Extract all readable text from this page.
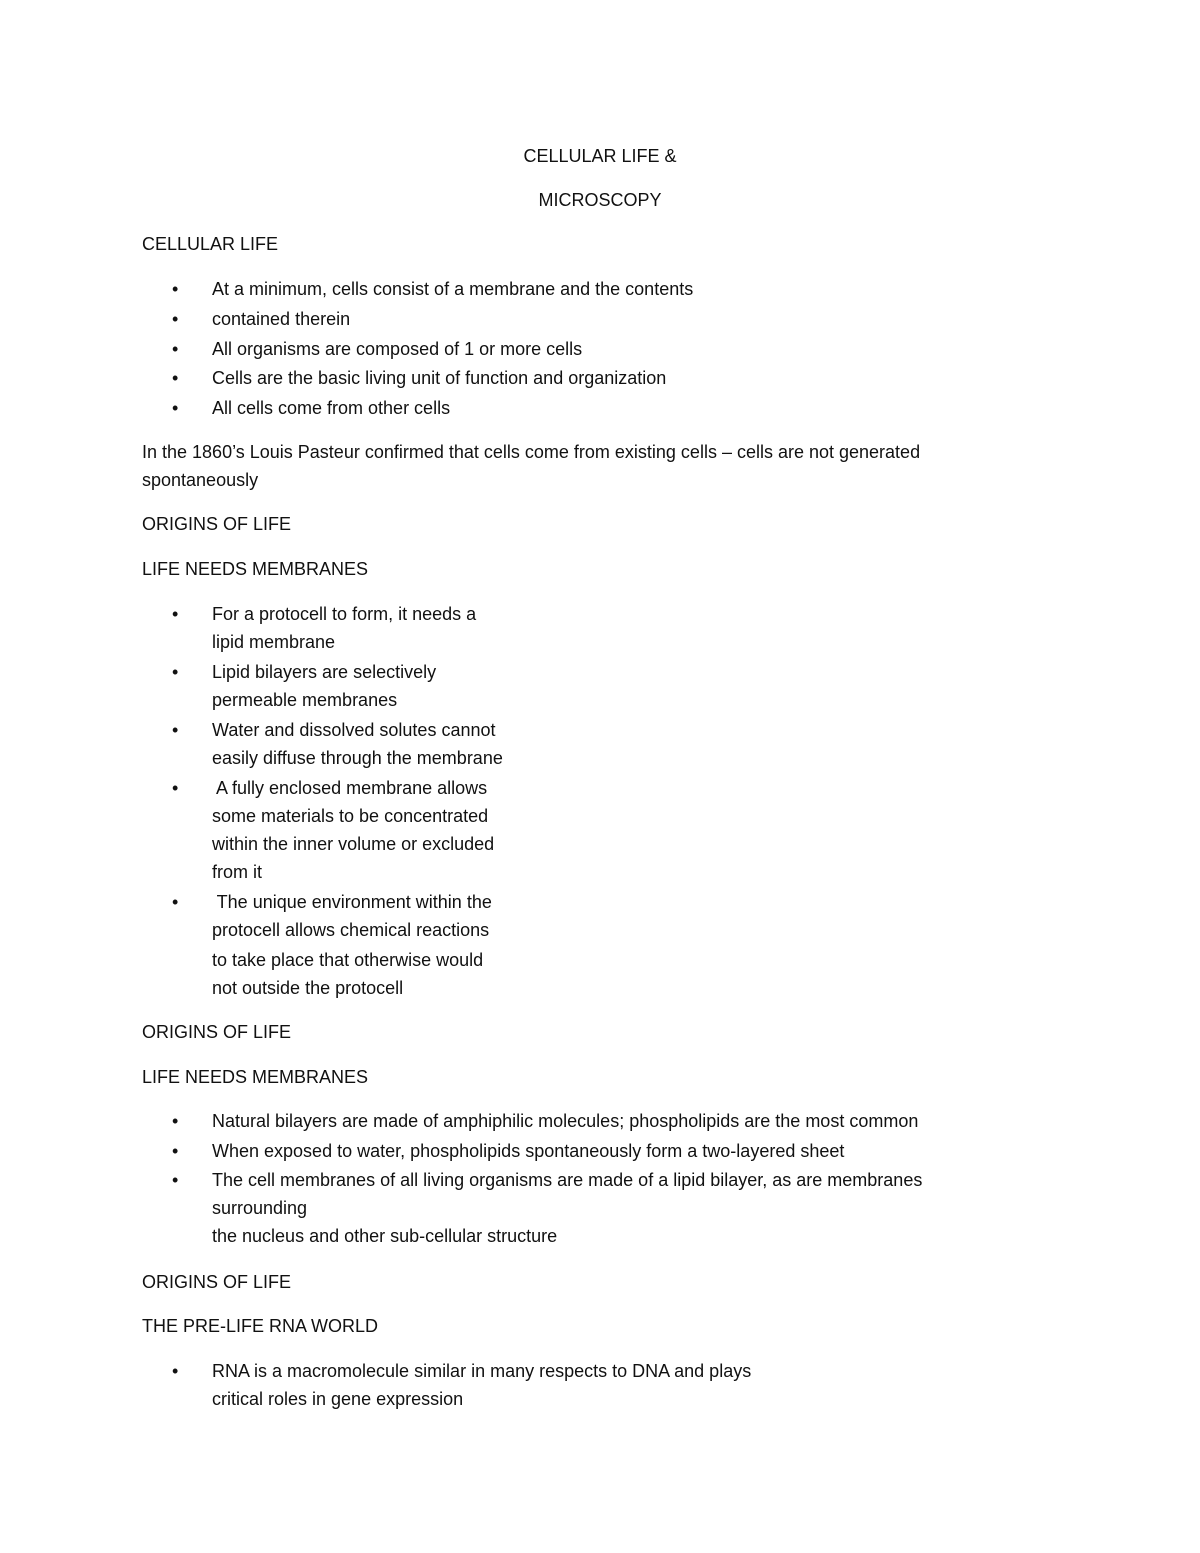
CELLULAR LIFE &
MICROSCOPY
CELLULAR LIFE
•	At a minimum, cells consist of a membrane and the contents
•	contained therein
•	All organisms are composed of 1 or more cells
•	Cells are the basic living unit of function and organization
•	All cells come from other cells
In the 1860’s Louis Pasteur confirmed that cells come from existing cells – cells are not generated
spontaneously
ORIGINS OF LIFE
LIFE NEEDS MEMBRANES
•	For a protocell to form, it needs a
lipid membrane
•	Lipid bilayers are selectively
permeable membranes
•	Water and dissolved solutes cannot
easily diffuse through the membrane
•	A fully enclosed membrane allows
some materials to be concentrated
within the inner volume or excluded
from it
•	The unique environment within the
protocell allows chemical reactions
to take place that otherwise would
not outside the protocell
ORIGINS OF LIFE
LIFE NEEDS MEMBRANES
•	Natural bilayers are made of amphiphilic molecules; phospholipids are the most common
•	When exposed to water, phospholipids spontaneously form a two-layered sheet
•	The cell membranes of all living organisms are made of a lipid bilayer, as are membranes
surrounding
the nucleus and other sub-cellular structure
ORIGINS OF LIFE
THE PRE-LIFE RNA WORLD
•	RNA is a macromolecule similar in many respects to DNA and plays
critical roles in gene expression
